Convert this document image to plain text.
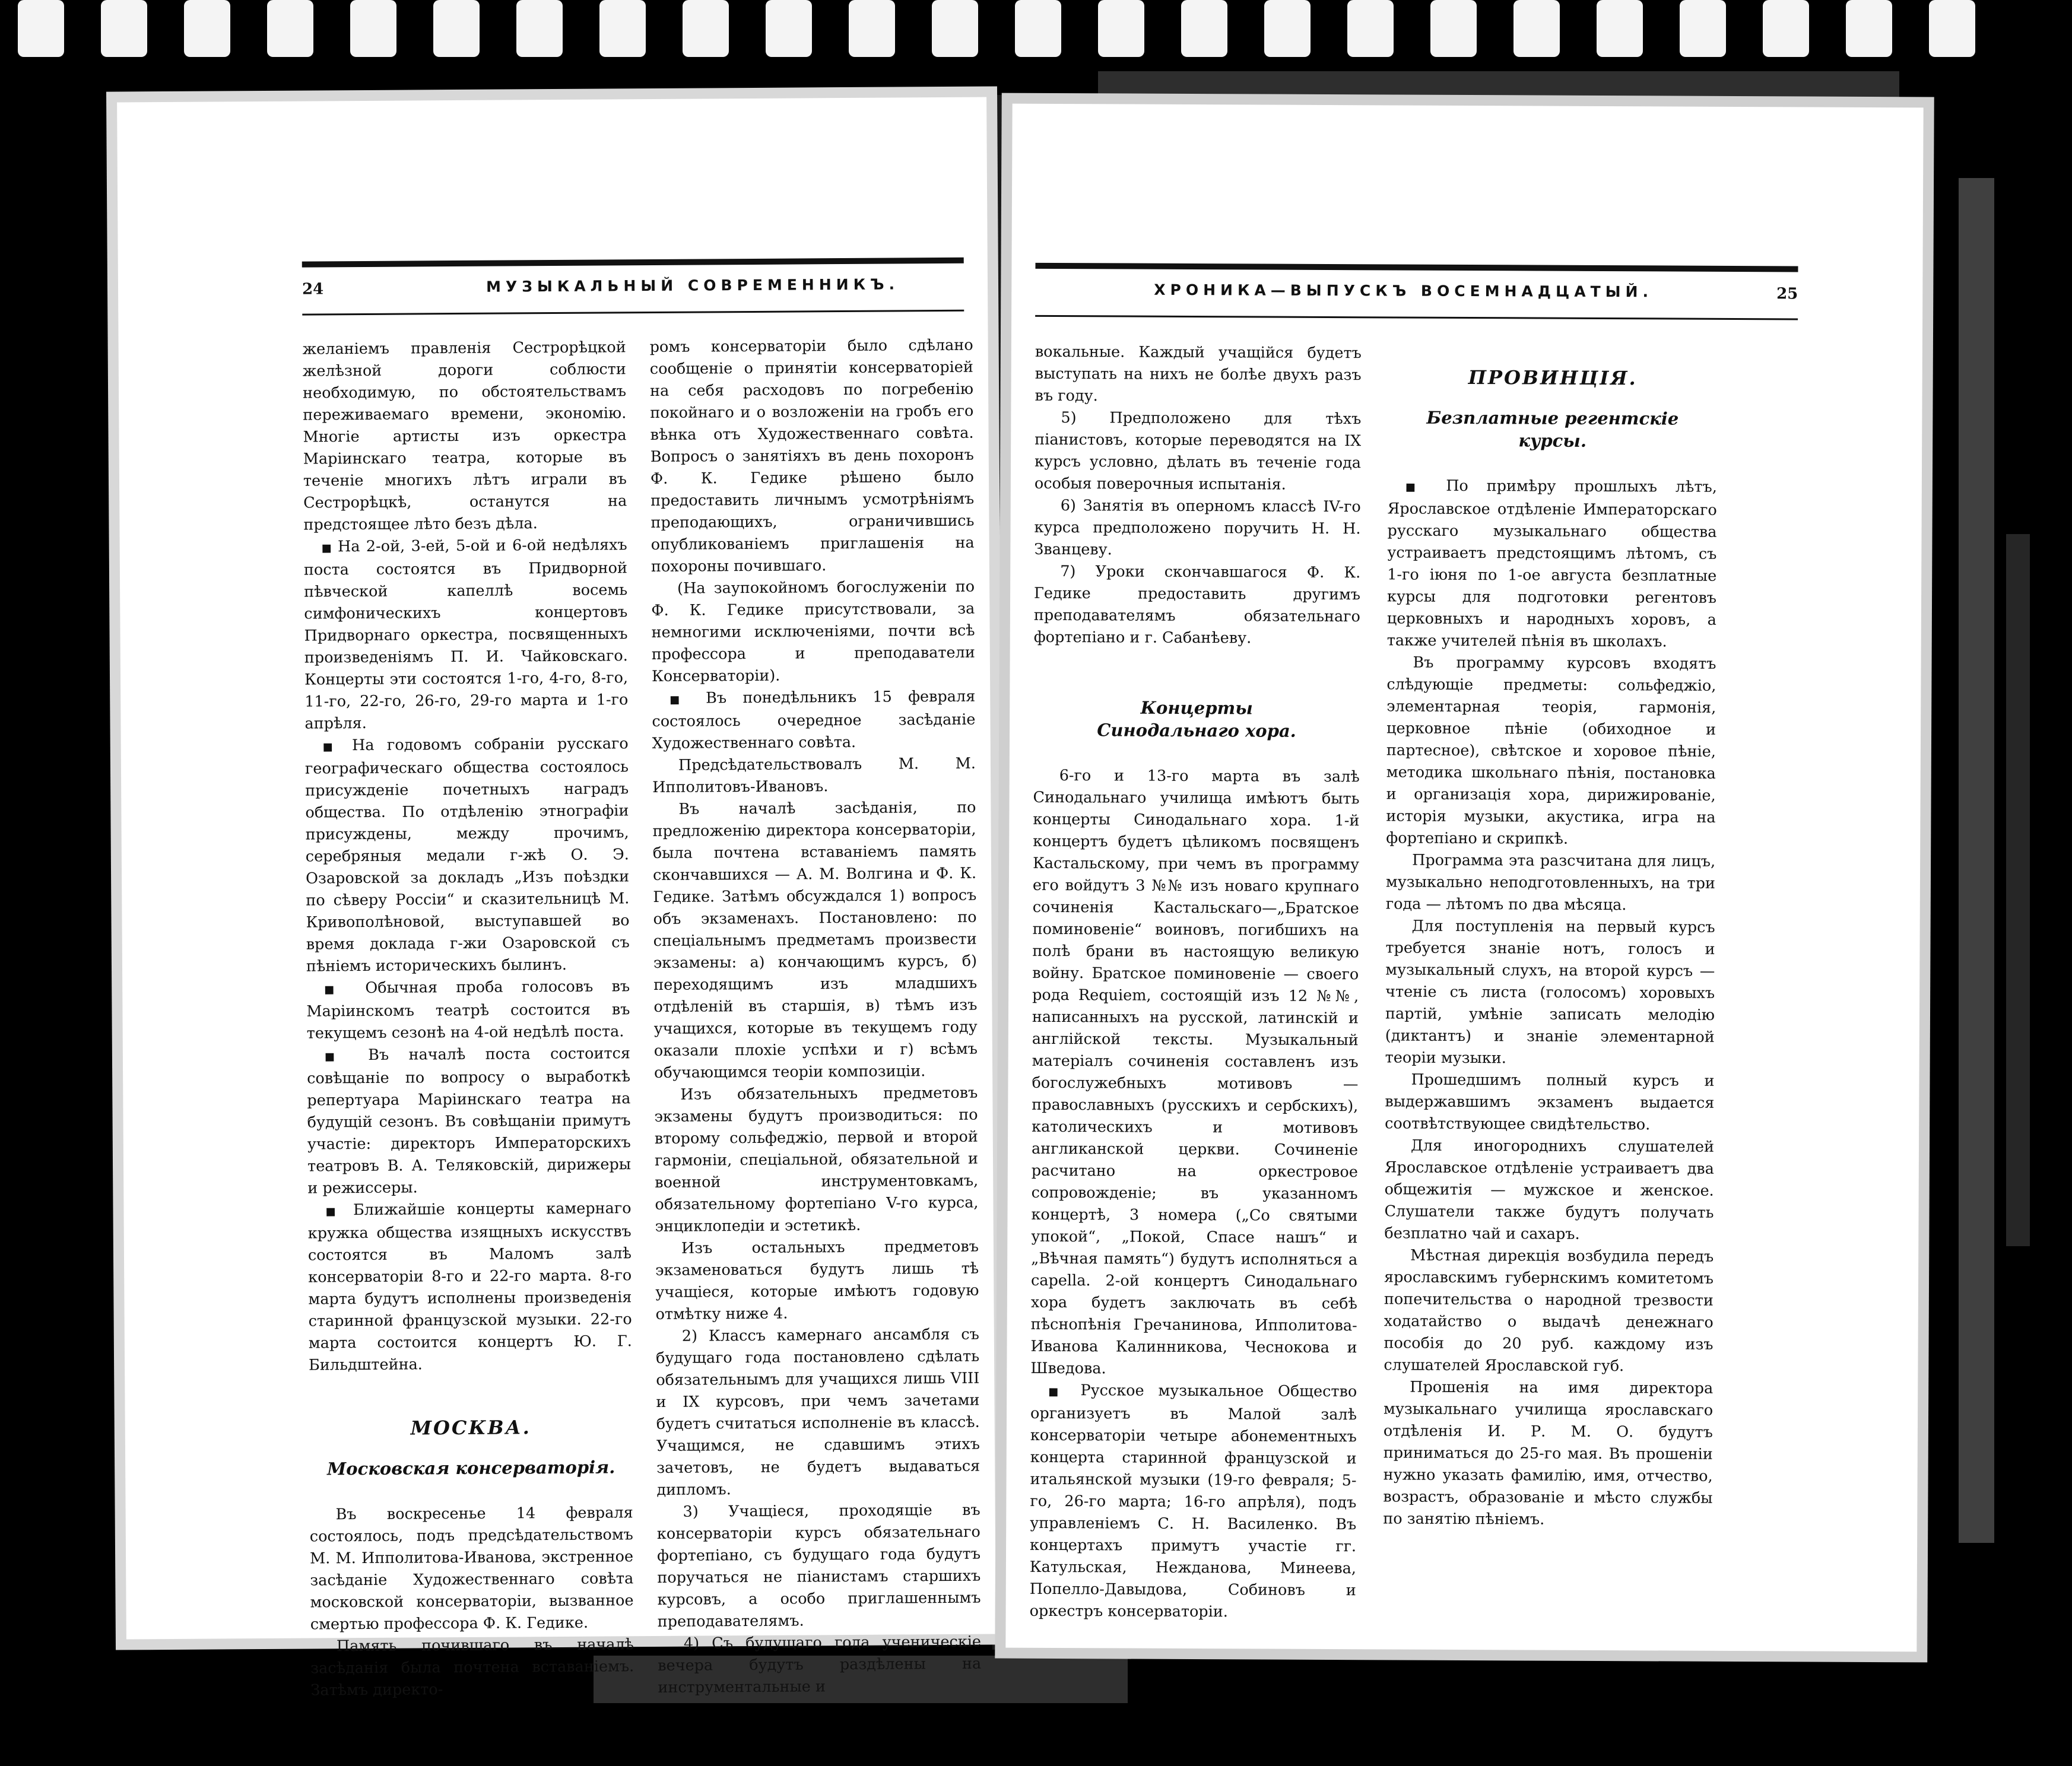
24	МУЗЫКАЛЬНЫЙ СОВРЕМЕННИКЪ.

желаніемъ правленія Сестрорѣцкой желѣзной дороги соблюсти необходимую, по обстоятельствамъ переживаемаго времени, экономію. Многіе артисты изъ оркестра Маріинскаго театра, которые въ теченіе многихъ лѣтъ играли въ Сестрорѣцкѣ, останутся на предстоящее лѣто безъ дѣла.

■ На 2-ой, 3-ей, 5-ой и 6-ой недѣляхъ поста состоятся въ Придворной пѣвческой капеллѣ восемь симфоническихъ концертовъ Придворнаго оркестра, посвященныхъ произведеніямъ П. И. Чайковскаго. Концерты эти состоятся 1-го, 4-го, 8-го, 11-го, 22-го, 26-го, 29-го марта и 1-го апрѣля.

■ На годовомъ собраніи русскаго географическаго общества состоялось присужденіе почетныхъ наградъ общества. По отдѣленію этнографіи присуждены, между прочимъ, серебряныя медали г-жѣ О. Э. Озаровской за докладъ „Изъ поѣздки по сѣверу Россіи“ и сказительницѣ М. Кривополѣновой, выступавшей во время доклада г-жи Озаровской съ пѣніемъ историческихъ былинъ.

■ Обычная проба голосовъ въ Маріинскомъ театрѣ состоится въ текущемъ сезонѣ на 4-ой недѣлѣ поста.

■ Въ началѣ поста состоится совѣщаніе по вопросу о выработкѣ репертуара Маріинскаго театра на будущій сезонъ. Въ совѣщаніи примутъ участіе: директоръ Императорскихъ театровъ В. А. Теляковскій, дирижеры и режиссеры.

■ Ближайшіе концерты камернаго кружка общества изящныхъ искусствъ состоятся въ Маломъ залѣ консерваторіи 8-го и 22-го марта. 8-го марта будутъ исполнены произведенія старинной французской музыки. 22-го марта состоится концертъ Ю. Г. Бильдштейна.

МОСКВА.
Московская консерваторія.

Въ воскресенье 14 февраля состоялось, подъ предсѣдательствомъ М. М. Ипполитова-Иванова, экстренное засѣданіе Художественнаго совѣта московской консерваторіи, вызванное смертью профессора Ф. К. Гедике.

Память почившаго въ началѣ засѣданія была почтена вставаніемъ. Затѣмъ директо-

ромъ консерваторіи было сдѣлано сообщеніе о принятіи консерваторіей на себя расходовъ по погребенію покойнаго и о возложеніи на гробъ его вѣнка отъ Художественнаго совѣта. Вопросъ о занятіяхъ въ день похоронъ Ф. К. Гедике рѣшено было предоставить личнымъ усмотрѣніямъ преподающихъ, ограничившись опубликованіемъ приглашенія на похороны почившаго.

(На заупокойномъ богослуженіи по Ф. К. Гедике присутствовали, за немногими исключеніями, почти всѣ профессора и преподаватели Консерваторіи).

■ Въ понедѣльникъ 15 февраля состоялось очередное засѣданіе Художественнаго совѣта.

Предсѣдательствовалъ М. М. Ипполитовъ-Ивановъ.

Въ началѣ засѣданія, по предложенію директора консерваторіи, была почтена вставаніемъ память скончавшихся — А. М. Волгина и Ф. К. Гедике. Затѣмъ обсуждался 1) вопросъ объ экзаменахъ. Постановлено: по спеціальнымъ предметамъ произвести экзамены: а) кончающимъ курсъ, б) переходящимъ изъ младшихъ отдѣленій въ старшія, в) тѣмъ изъ учащихся, которые въ текущемъ году оказали плохіе успѣхи и г) всѣмъ обучающимся теоріи композиціи.

Изъ обязательныхъ предметовъ экзамены будутъ производиться: по второму сольфеджіо, первой и второй гармоніи, спеціальной, обязательной и военной инструментовкамъ, обязательному фортепіано V-го курса, энциклопедіи и эстетикѣ.

Изъ остальныхъ предметовъ экзаменоваться будутъ лишь тѣ учащіеся, которые имѣютъ годовую отмѣтку ниже 4.

2) Классъ камернаго ансамбля съ будущаго года постановлено сдѣлать обязательнымъ для учащихся лишь VIII и IX курсовъ, при чемъ зачетами будетъ считаться исполненіе въ классѣ. Учащимся, не сдавшимъ этихъ зачетовъ, не будетъ выдаваться дипломъ.

3) Учащіеся, проходящіе въ консерваторіи курсъ обязательнаго фортепіано, съ будущаго года будутъ поручаться не піанистамъ старшихъ курсовъ, а особо приглашеннымъ преподавателямъ.

4) Съ будущаго года ученическіе вечера будутъ раздѣлены на инструментальные и

ХРОНИКА—ВЫПУСКЪ ВОСЕМНАДЦАТЫЙ.	25

вокальные. Каждый учащійся будетъ выступать на нихъ не болѣе двухъ разъ въ году.

5) Предположено для тѣхъ піанистовъ, которые переводятся на IX курсъ условно, дѣлать въ теченіе года особыя поверочныя испытанія.

6) Занятія въ оперномъ классѣ IV-го курса предположено поручить Н. Н. Званцеву.

7) Уроки скончавшагося Ф. К. Гедике предоставить другимъ преподавателямъ обязательнаго фортепіано и г. Сабанѣеву.

Концерты Синодальнаго хора.

6-го и 13-го марта въ залѣ Синодальнаго училища имѣютъ быть концерты Синодальнаго хора. 1-й концертъ будетъ цѣликомъ посвященъ Кастальскому, при чемъ въ программу его войдутъ 3 №№ изъ новаго крупнаго сочиненія Кастальскаго—„Братское поминовеніе“ воиновъ, погибшихъ на полѣ брани въ настоящую великую войну. Братское поминовеніе — своего рода Requiem, состоящій изъ 12 №№, написанныхъ на русской, латинскій и англійской тексты. Музыкальный матеріалъ сочиненія составленъ изъ богослужебныхъ мотивовъ — православныхъ (русскихъ и сербскихъ), католическихъ и мотивовъ англиканской церкви. Сочиненіе расчитано на оркестровое сопровожденіе; въ указанномъ концертѣ, 3 номера („Со святыми упокой“, „Покой, Спасе нашъ“ и „Вѣчная память“) будутъ исполняться а capella. 2-ой концертъ Синодальнаго хора будетъ заключать въ себѣ пѣснопѣнія Гречанинова, Ипполитова-Иванова Калинникова, Чеснокова и Шведова.

■ Русское музыкальное Общество организуетъ въ Малой залѣ консерваторіи четыре абонементныхъ концерта старинной французской и итальянской музыки (19-го февраля; 5-го, 26-го марта; 16-го апрѣля), подъ управленіемъ С. Н. Василенко. Въ концертахъ примутъ участіе гг. Катульская, Нежданова, Минеева, Попелло-Давыдова, Собиновъ и оркестръ консерваторіи.

ПРОВИНЦІЯ.
Безплатные регентскіе курсы.

■ По примѣру прошлыхъ лѣтъ, Ярославское отдѣленіе Императорскаго русскаго музыкальнаго общества устраиваетъ предстоящимъ лѣтомъ, съ 1-го іюня по 1-ое августа безплатные курсы для подготовки регентовъ церковныхъ и народныхъ хоровъ, а также учителей пѣнія въ школахъ.

Въ программу курсовъ входятъ слѣдующіе предметы: сольфеджіо, элементарная теорія, гармонія, церковное пѣніе (обиходное и партесное), свѣтское и хоровое пѣніе, методика школьнаго пѣнія, постановка и организація хора, дирижированіе, исторія музыки, акустика, игра на фортепіано и скрипкѣ.

Программа эта разсчитана для лицъ, музыкально неподготовленныхъ, на три года — лѣтомъ по два мѣсяца.

Для поступленія на первый курсъ требуется знаніе нотъ, голосъ и музыкальный слухъ, на второй курсъ — чтеніе съ листа (голосомъ) хоровыхъ партій, умѣніе записать мелодію (диктантъ) и знаніе элементарной теоріи музыки.

Прошедшимъ полный курсъ и выдержавшимъ экзаменъ выдается соотвѣтствующее свидѣтельство.

Для иногороднихъ слушателей Ярославское отдѣленіе устраиваетъ два общежитія — мужское и женское. Слушатели также будутъ получать безплатно чай и сахаръ.

Мѣстная дирекція возбудила передъ ярославскимъ губернскимъ комитетомъ попечительства о народной трезвости ходатайство о выдачѣ денежнаго пособія до 20 руб. каждому изъ слушателей Ярославской губ.

Прошенія на имя директора музыкальнаго училища ярославскаго отдѣленія И. Р. М. О. будутъ приниматься до 25-го мая. Въ прошеніи нужно указать фамилію, имя, отчество, возрастъ, образованіе и мѣсто службы по занятію пѣніемъ.
